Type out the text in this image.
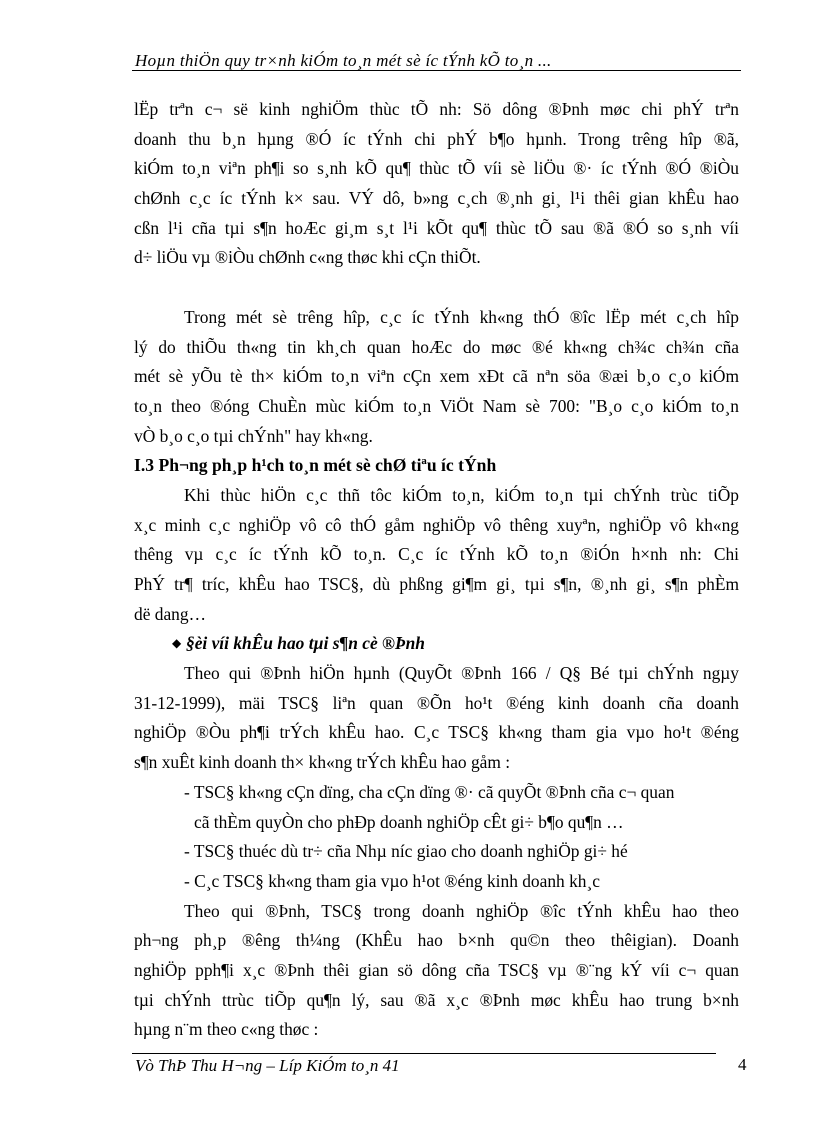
Hoµn thiÖn quy tr×nh kiÓm to¸n mét sè íc tÝnh kÕ to¸n ...
lËp trªn c¬ së kinh nghiÖm thùc tÕ nh: Sö dông ®Þnh møc chi phÝ trªn
doanh thu b¸n hµng ®Ó íc tÝnh chi phÝ b¶o hµnh. Trong trêng hîp ®ã,
kiÓm to¸n viªn ph¶i so s¸nh kÕ qu¶ thùc tÕ víi sè liÖu ®· íc tÝnh ®Ó ®iÒu
chØnh c¸c íc tÝnh k× sau. VÝ dô, b»ng c¸ch ®¸nh gi¸ l¹i thêi gian khÊu hao
cßn l¹i cña tµi s¶n hoÆc gi¸m s¸t l¹i kÕt qu¶ thùc tÕ sau ®ã ®Ó so s¸nh víi
d÷ liÖu vµ ®iÒu chØnh c«ng thøc khi cÇn thiÕt.
Trong mét sè trêng hîp, c¸c íc tÝnh kh«ng thÓ ®îc lËp mét c¸ch hîp
lý do thiÕu th«ng tin kh¸ch quan hoÆc do møc ®é kh«ng ch¾c ch¾n cña
mét sè yÕu tè th× kiÓm to¸n viªn cÇn xem xÐt cã nªn söa ®æi b¸o c¸o kiÓm
to¸n theo ®óng ChuÈn mùc kiÓm to¸n ViÖt Nam sè 700: "B¸o c¸o kiÓm to¸n
vÒ b¸o c¸o tµi chÝnh" hay kh«ng.
I.3 Ph¬ng ph¸p h¹ch to¸n mét sè chØ tiªu íc tÝnh
Khi thùc hiÖn c¸c thñ tôc kiÓm to¸n, kiÓm to¸n tµi chÝnh trùc tiÕp
x¸c minh c¸c nghiÖp vô cô thÓ gåm nghiÖp vô thêng xuyªn, nghiÖp vô kh«ng
thêng vµ c¸c íc tÝnh kÕ to¸n. C¸c íc tÝnh kÕ to¸n ®iÓn h×nh nh: Chi
PhÝ tr¶ tríc, khÊu hao TSC§, dù phßng gi¶m gi¸ tµi s¶n, ®¸nh gi¸ s¶n phÈm
dë dang…
◆ §èi víi khÊu hao tµi s¶n cè ®Þnh
Theo qui ®Þnh hiÖn hµnh (QuyÕt ®Þnh 166 / Q§ Bé tµi chÝnh ngµy
31-12-1999), mäi TSC§ liªn quan ®Õn ho¹t ®éng kinh doanh cña doanh
nghiÖp ®Òu ph¶i trÝch khÊu hao. C¸c TSC§ kh«ng tham gia vµo ho¹t ®éng
s¶n xuÊt kinh doanh th× kh«ng trÝch khÊu hao gåm :
- TSC§ kh«ng cÇn dïng, cha cÇn dïng ®· cã quyÕt ®Þnh cña c¬ quan
cã thÈm quyÒn cho phÐp doanh nghiÖp cÊt gi÷ b¶o qu¶n …
- TSC§ thuéc dù tr÷ cña Nhµ níc giao cho doanh nghiÖp gi÷ hé
- C¸c TSC§ kh«ng tham gia vµo h¹ot ®éng kinh doanh kh¸c
Theo qui ®Þnh, TSC§ trong doanh nghiÖp ®îc tÝnh khÊu hao theo
ph¬ng ph¸p ®êng th¼ng (KhÊu hao b×nh qu©n theo thêigian). Doanh
nghiÖp pph¶i x¸c ®Þnh thêi gian sö dông cña TSC§ vµ ®¨ng kÝ víi c¬ quan
tµi chÝnh ttrùc tiÕp qu¶n lý, sau ®ã x¸c ®Þnh møc khÊu hao trung b×nh
hµng n¨m theo c«ng thøc :
Vò ThÞ Thu H¬ng – Líp KiÓm to¸n 41	4
